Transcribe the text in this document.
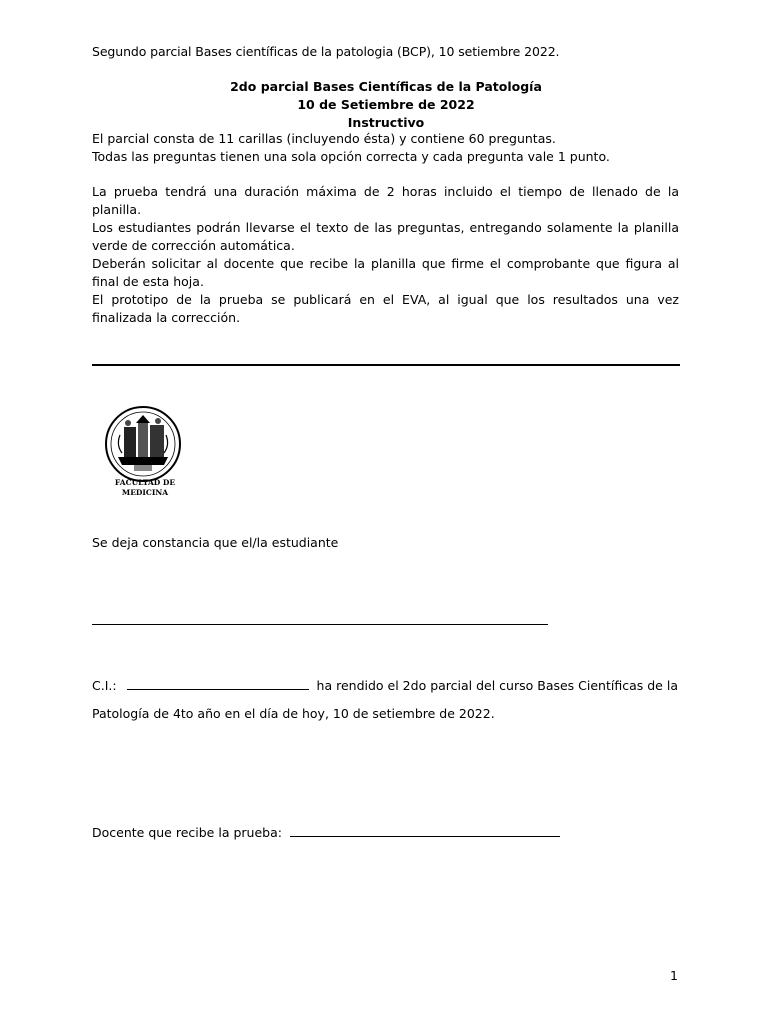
Segundo parcial Bases científicas de la patologia (BCP), 10 setiembre 2022.
2do parcial Bases Científicas de la Patología
10 de Setiembre de 2022
Instructivo
El parcial consta de 11 carillas (incluyendo ésta) y contiene 60 preguntas.
Todas las preguntas tienen una sola opción correcta y cada pregunta vale 1 punto.
La prueba tendrá una duración máxima de 2 horas incluido el tiempo de llenado de la planilla.
Los estudiantes podrán llevarse el texto de las preguntas, entregando solamente la planilla verde de corrección automática.
Deberán solicitar al docente que recibe la planilla que firme el comprobante que figura al final de esta hoja.
El prototipo de la prueba se publicará en el EVA, al igual que los resultados una vez finalizada la corrección.
FACULTAD DE
MEDICINA
Se deja constancia que el/la estudiante
C.I.:	ha rendido el 2do parcial del curso Bases Científicas de la
Patología de 4to año en el día de hoy, 10 de setiembre de 2022.
Docente que recibe la prueba:
1
